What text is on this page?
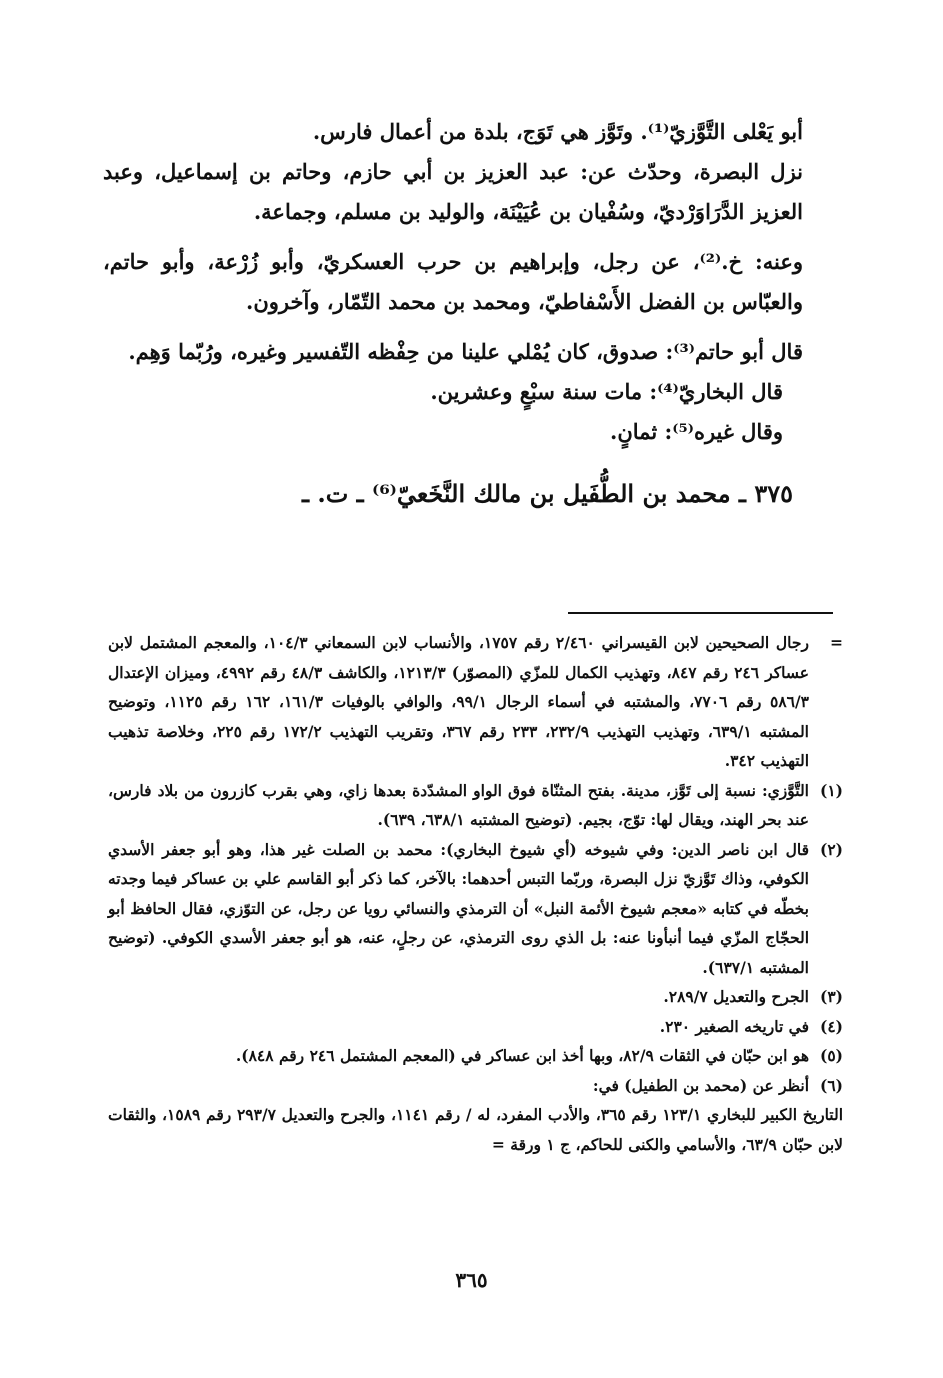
أبو يَعْلى التَّوَّزيّ⁽¹⁾. وتَوَّز هي تَوَج، بلدة من أعمال فارس.

نزل البصرة، وحدّث عن: عبد العزيز بن أبي حازم، وحاتم بن إسماعيل، وعبد العزيز الدَّرَاوَرْديّ، وسُفْيان بن عُيَيْنَة، والوليد بن مسلم، وجماعة.

وعنه: خ.⁽²⁾، عن رجل، وإبراهيم بن حرب العسكريّ، وأبو زُرْعة، وأبو حاتم، والعبّاس بن الفضل الأَسْفاطيّ، ومحمد بن محمد التّمّار، وآخرون.

قال أبو حاتم⁽³⁾: صدوق، كان يُمْلي علينا من حِفْظه التّفسير وغيره، ورُبّما وَهِم.

قال البخاريّ⁽⁴⁾: مات سنة سبْعٍ وعشرين.

وقال غيره⁽⁵⁾: ثمانٍ.

٣٧٥ ـ محمد بن الطُّفَيل بن مالك النَّخَعيّ⁽⁶⁾ ـ ت. ـ

=
رجال الصحيحين لابن القيسراني ٢/٤٦٠ رقم ١٧٥٧، والأنساب لابن السمعاني ١٠٤/٣، والمعجم المشتمل لابن عساكر ٢٤٦ رقم ٨٤٧، وتهذيب الكمال للمزّي (المصوّر) ١٢١٣/٣، والكاشف ٤٨/٣ رقم ٤٩٩٢، وميزان الإعتدال ٥٨٦/٣ رقم ٧٧٠٦، والمشتبه في أسماء الرجال ٩٩/١، والوافي بالوفيات ١٦١/٣، ١٦٢ رقم ١١٢٥، وتوضيح المشتبه ٦٣٩/١، وتهذيب التهذيب ٢٣٢/٩، ٢٣٣ رقم ٣٦٧، وتقريب التهذيب ١٧٢/٢ رقم ٢٢٥، وخلاصة تذهيب التهذيب ٣٤٢.
(١)
التَّوَّزي: نسبة إلى تَوَّز، مدينة. بفتح المثنّاة فوق الواو المشدّدة بعدها زاي، وهي بقرب كازرون من بلاد فارس، عند بحر الهند، ويقال لها: توّج، بجيم. (توضيح المشتبه ٦٣٨/١، ٦٣٩).
(٢)
قال ابن ناصر الدين: وفي شيوخه (أي شيوخ البخاري): محمد بن الصلت غير هذا، وهو أبو جعفر الأسدي الكوفي، وذاك تَوَّزيّ نزل البصرة، وربّما التبس أحدهما: بالآخر، كما ذكر أبو القاسم علي بن عساكر فيما وجدته بخطّه في كتابه «معجم شيوخ الأئمة النبل» أن الترمذي والنسائي رويا عن رجل، عن التوّزي، فقال الحافظ أبو الحجّاج المزّي فيما أنبأونا عنه: بل الذي روى الترمذي، عن رجلٍ، عنه، هو أبو جعفر الأسدي الكوفي. (توضيح المشتبه ٦٣٧/١).
(٣)
الجرح والتعديل ٢٨٩/٧.
(٤)
في تاريخه الصغير ٢٣٠.
(٥)
هو ابن حبّان في الثقات ٨٢/٩، وبها أخذ ابن عساكر في (المعجم المشتمل ٢٤٦ رقم ٨٤٨).
(٦)
أنظر عن (محمد بن الطفيل) في:
التاريخ الكبير للبخاري ١٢٣/١ رقم ٣٦٥، والأدب المفرد، له / رقم ١١٤١، والجرح والتعديل ٢٩٣/٧ رقم ١٥٨٩، والثقات لابن حبّان ٦٣/٩، والأسامي والكنى للحاكم، ج ١ ورقة =
٣٦٥
